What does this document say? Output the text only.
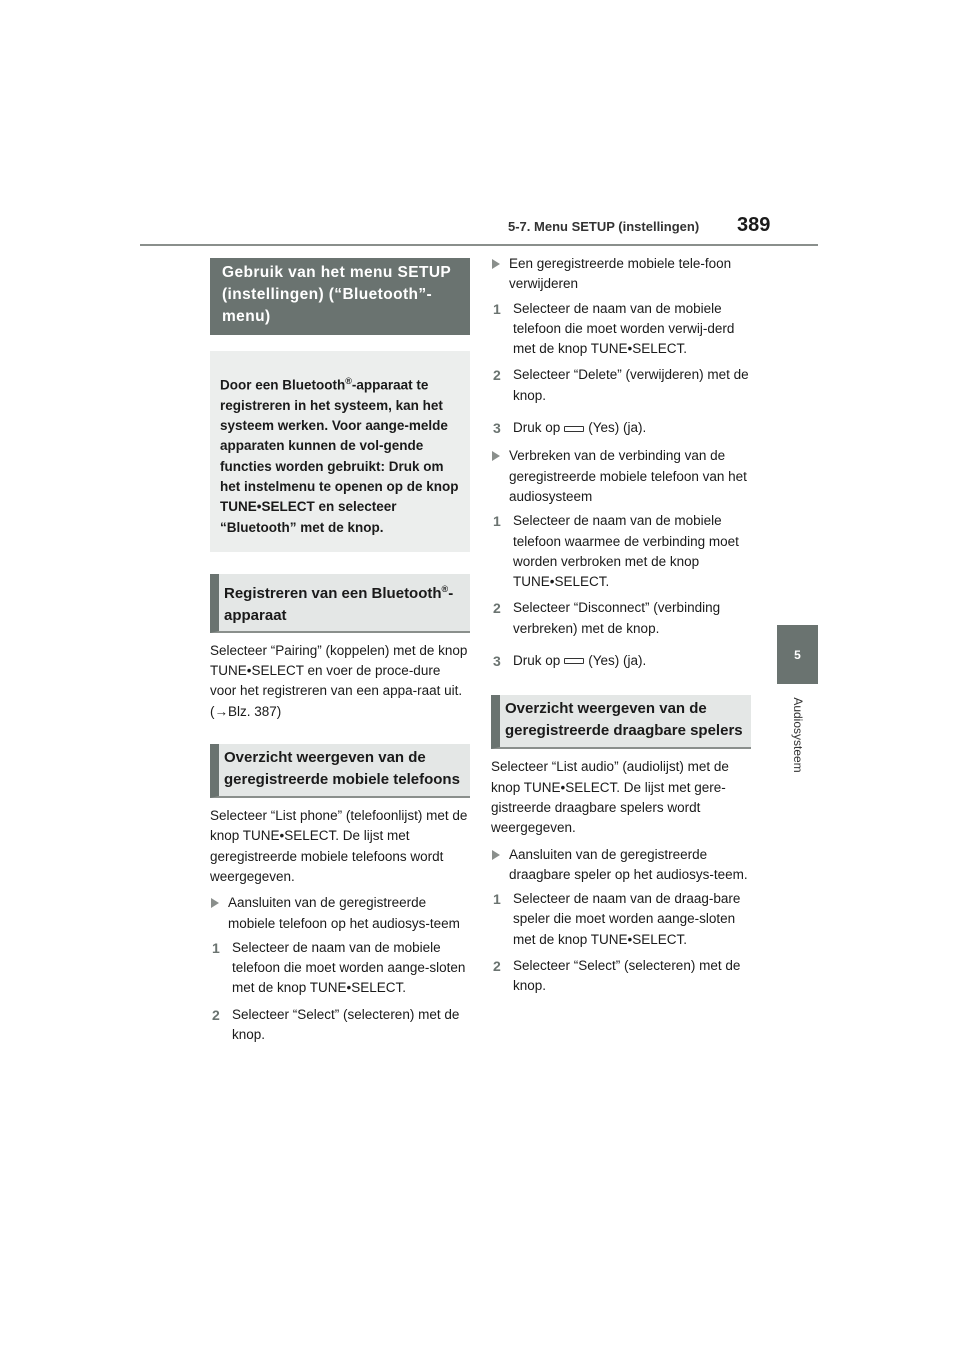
5-7. Menu SETUP (instellingen) 389
5
Audiosysteem
Gebruik van het menu SETUP (instellingen) (“Bluetooth”-menu)
Door een Bluetooth®-apparaat te registreren in het systeem, kan het systeem werken. Voor aange-melde apparaten kunnen de vol-gende functies worden gebruikt: Druk om het instelmenu te openen op de knop TUNE•SELECT en selecteer “Bluetooth” met de knop.
Registreren van een Bluetooth®-apparaat
Selecteer “Pairing” (koppelen) met de knop TUNE•SELECT en voer de proce-dure voor het registreren van een appa-raat uit. (→Blz. 387)
Overzicht weergeven van de geregistreerde mobiele telefoons
Selecteer “List phone” (telefoonlijst) met de knop TUNE•SELECT. De lijst met geregistreerde mobiele telefoons wordt weergegeven.
Aansluiten van de geregistreerde mobiele telefoon op het audiosys-teem
1 Selecteer de naam van de mobiele telefoon die moet worden aange-sloten met de knop TUNE•SELECT.
2 Selecteer “Select” (selecteren) met de knop.
Een geregistreerde mobiele tele-foon verwijderen
1 Selecteer de naam van de mobiele telefoon die moet worden verwij-derd met de knop TUNE•SELECT.
2 Selecteer “Delete” (verwijderen) met de knop.
3 Druk op (Yes) (ja).
Verbreken van de verbinding van de geregistreerde mobiele telefoon van het audiosysteem
1 Selecteer de naam van de mobiele telefoon waarmee de verbinding moet worden verbroken met de knop TUNE•SELECT.
2 Selecteer “Disconnect” (verbinding verbreken) met de knop.
3 Druk op (Yes) (ja).
Overzicht weergeven van de geregistreerde draagbare spelers
Selecteer “List audio” (audiolijst) met de knop TUNE•SELECT. De lijst met gere-gistreerde draagbare spelers wordt weergegeven.
Aansluiten van de geregistreerde draagbare speler op het audiosys-teem.
1 Selecteer de naam van de draag-bare speler die moet worden aange-sloten met de knop TUNE•SELECT.
2 Selecteer “Select” (selecteren) met de knop.
